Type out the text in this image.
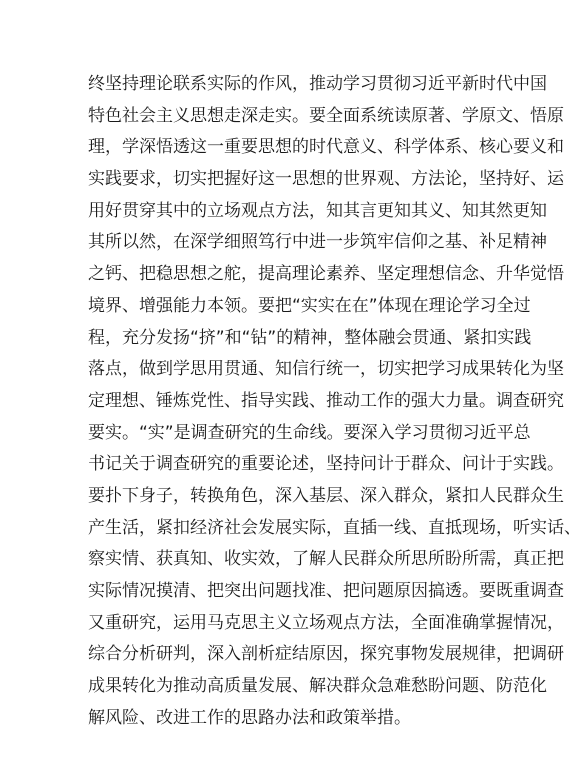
终坚持理论联系实际的作风，推动学习贯彻习近平新时代中国
特色社会主义思想走深走实。要全面系统读原著、学原文、悟原
理，学深悟透这一重要思想的时代意义、科学体系、核心要义和
实践要求，切实把握好这一思想的世界观、方法论，坚持好、运
用好贯穿其中的立场观点方法，知其言更知其义、知其然更知
其所以然，在深学细照笃行中进一步筑牢信仰之基、补足精神
之钙、把稳思想之舵，提高理论素养、坚定理想信念、升华觉悟
境界、增强能力本领。要把“实实在在”体现在理论学习全过
程，充分发扬“挤”和“钻”的精神，整体融会贯通、紧扣实践
落点，做到学思用贯通、知信行统一，切实把学习成果转化为坚
定理想、锤炼党性、指导实践、推动工作的强大力量。调查研究
要实。“实”是调查研究的生命线。要深入学习贯彻习近平总
书记关于调查研究的重要论述，坚持问计于群众、问计于实践。
要扑下身子，转换角色，深入基层、深入群众，紧扣人民群众生
产生活，紧扣经济社会发展实际，直插一线、直抵现场，听实话、
察实情、获真知、收实效，了解人民群众所思所盼所需，真正把
实际情况摸清、把突出问题找准、把问题原因搞透。要既重调查
又重研究，运用马克思主义立场观点方法，全面准确掌握情况，
综合分析研判，深入剖析症结原因，探究事物发展规律，把调研
成果转化为推动高质量发展、解决群众急难愁盼问题、防范化
解风险、改进工作的思路办法和政策举措。
